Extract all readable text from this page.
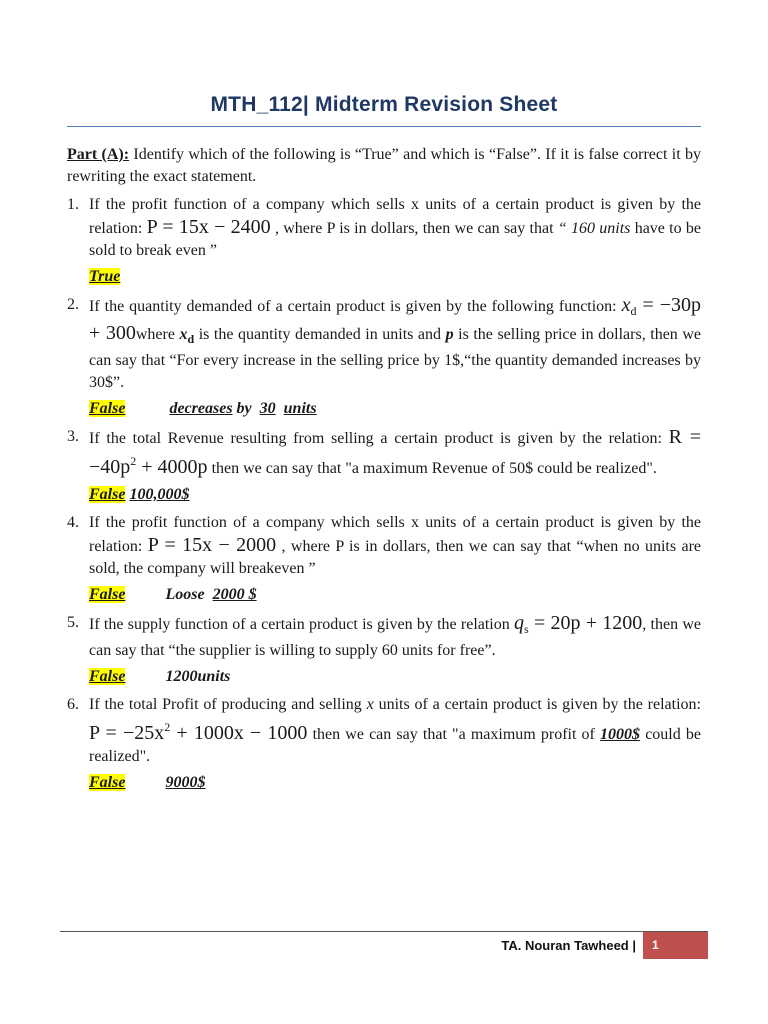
MTH_112| Midterm Revision Sheet

Part (A): Identify which of the following is “True” and which is “False”. If it is false correct it by rewriting the exact statement.

1. If the profit function of a company which sells x units of a certain product is given by the relation: P = 15x − 2400 , where P is in dollars, then we can say that “ 160 units have to be sold to break even ”
True
2. If the quantity demanded of a certain product is given by the following function: $x_d = -30p$ + 300where $x_d$ is the quantity demanded in units and p is the selling price in dollars, then we can say that “For every increase in the selling price by 1$,“the quantity demanded increases by 30$”.
False	decreases by 30 units
3. If the total Revenue resulting from selling a certain product is given by the relation: $R = -40p^2 + 4000p$ then we can say that "a maximum Revenue of 50$ could be realized".
False 100,000$
4. If the profit function of a company which sells x units of a certain product is given by the relation: P = 15x − 2000 , where P is in dollars, then we can say that “when no units are sold, the company will breakeven ”
False	Loose 2000 $
5. If the supply function of a certain product is given by the relation $q_s = 20p + 1200$, then we can say that “the supplier is willing to supply 60 units for free”.
False	1200units
6. If the total Profit of producing and selling x units of a certain product is given by the relation: $P = -25x^2 + 1000x - 1000$ then we can say that "a maximum profit of 1000$ could be realized".
False	9000$
TA. Nouran Tawheed | 1
